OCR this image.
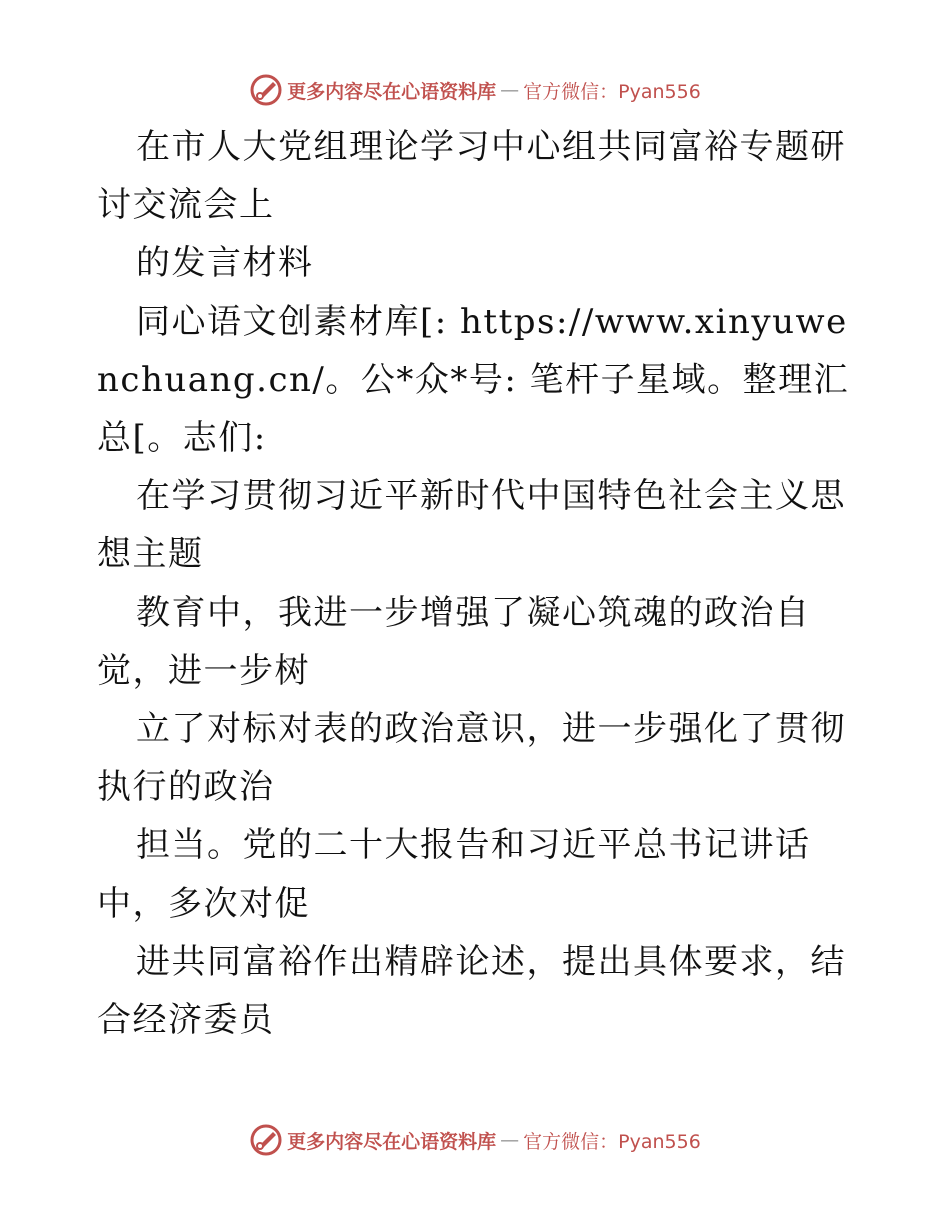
更多内容尽在心语资料库 — 官方微信：Pyan556

在市人大党组理论学习中心组共同富裕专题研讨交流会上

的发言材料

同心语文创素材库[: https://www.xinyuwenchuang.cn/。公*众*号: 笔杆子星域。整理汇总[。志们:

在学习贯彻习近平新时代中国特色社会主义思想主题

教育中，我进一步增强了凝心筑魂的政治自觉，进一步树

立了对标对表的政治意识，进一步强化了贯彻执行的政治

担当。党的二十大报告和习近平总书记讲话中，多次对促

进共同富裕作出精辟论述，提出具体要求，结合经济委员

更多内容尽在心语资料库 — 官方微信：Pyan556
